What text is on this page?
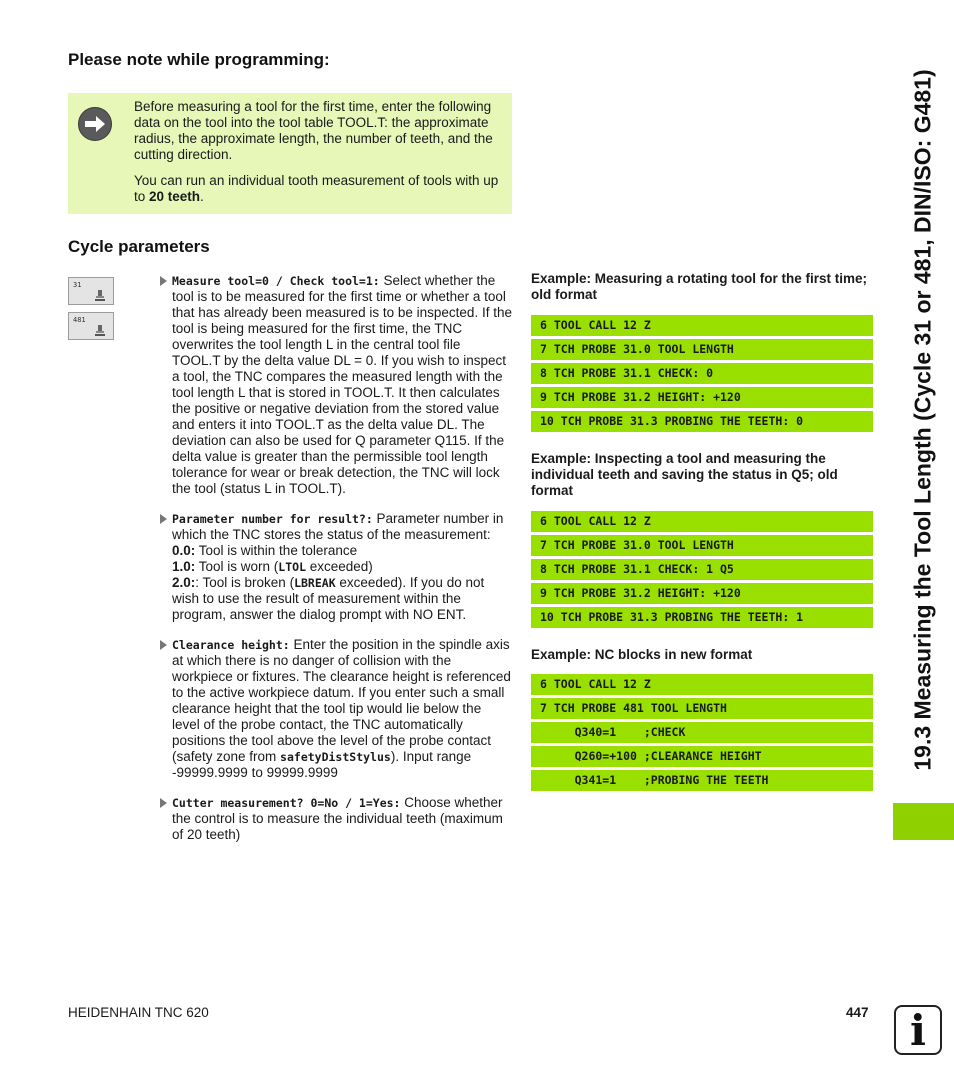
Please note while programming:

Before measuring a tool for the first time, enter the following data on the tool into the tool table TOOL.T: the approximate radius, the approximate length, the number of teeth, and the cutting direction.

You can run an individual tooth measurement of tools with up to 20 teeth.

Cycle parameters
31
481
Measure tool=0 / Check tool=1: Select whether the tool is to be measured for the first time or whether a tool that has already been measured is to be inspected. If the tool is being measured for the first time, the TNC overwrites the tool length L in the central tool file TOOL.T by the delta value DL = 0. If you wish to inspect a tool, the TNC compares the measured length with the tool length L that is stored in TOOL.T. It then calculates the positive or negative deviation from the stored value and enters it into TOOL.T as the delta value DL. The deviation can also be used for Q parameter Q115. If the delta value is greater than the permissible tool length tolerance for wear or break detection, the TNC will lock the tool (status L in TOOL.T).
Parameter number for result?: Parameter number in which the TNC stores the status of the measurement:
0.0: Tool is within the tolerance
1.0: Tool is worn (LTOL exceeded)
2.0:: Tool is broken (LBREAK exceeded). If you do not wish to use the result of measurement within the program, answer the dialog prompt with NO ENT.
Clearance height: Enter the position in the spindle axis at which there is no danger of collision with the workpiece or fixtures. The clearance height is referenced to the active workpiece datum. If you enter such a small clearance height that the tool tip would lie below the level of the probe contact, the TNC automatically positions the tool above the level of the probe contact (safety zone from safetyDistStylus). Input range -99999.9999 to 99999.9999
Cutter measurement? 0=No / 1=Yes: Choose whether the control is to measure the individual teeth (maximum of 20 teeth)
Example: Measuring a rotating tool for the first time; old format
6 TOOL CALL 12 Z
7 TCH PROBE 31.0 TOOL LENGTH
8 TCH PROBE 31.1 CHECK: 0
9 TCH PROBE 31.2 HEIGHT: +120
10 TCH PROBE 31.3 PROBING THE TEETH: 0
Example: Inspecting a tool and measuring the individual teeth and saving the status in Q5; old format
6 TOOL CALL 12 Z
7 TCH PROBE 31.0 TOOL LENGTH
8 TCH PROBE 31.1 CHECK: 1 Q5
9 TCH PROBE 31.2 HEIGHT: +120
10 TCH PROBE 31.3 PROBING THE TEETH: 1
Example: NC blocks in new format
6 TOOL CALL 12 Z
7 TCH PROBE 481 TOOL LENGTH
Q340=1    ;CHECK
Q260=+100 ;CLEARANCE HEIGHT
Q341=1    ;PROBING THE TEETH
19.3 Measuring the Tool Length (Cycle 31 or 481, DIN/ISO: G481)
HEIDENHAIN TNC 620	447 i
